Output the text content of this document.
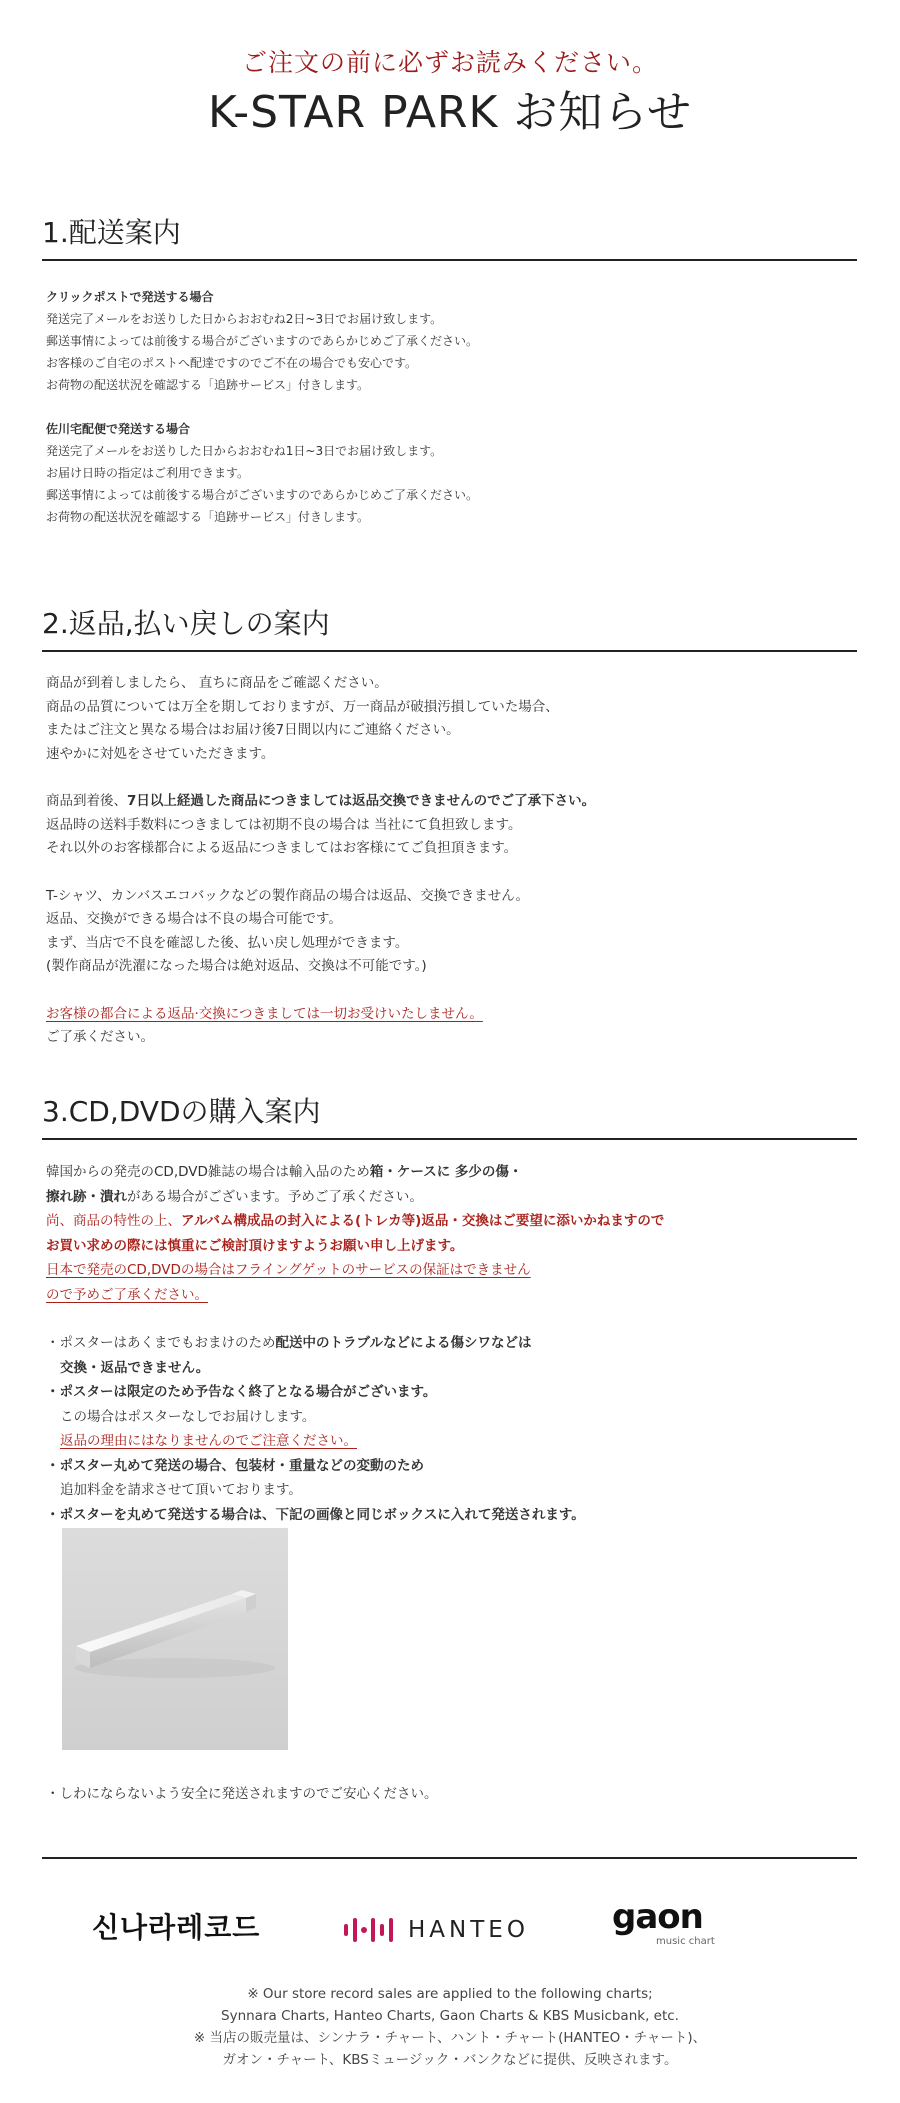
ご注文の前に必ずお読みください。
K-STAR PARK お知らせ
1.配送案内
クリックポストで発送する場合
発送完了メールをお送りした日からおおむね2日~3日でお届け致します。
郵送事情によっては前後する場合がございますのであらかじめご了承ください。
お客様のご自宅のポストへ配達ですのでご不在の場合でも安心です。
お荷物の配送状況を確認する「追跡サービス」付きします。
佐川宅配便で発送する場合
発送完了メールをお送りした日からおおむね1日~3日でお届け致します。
お届け日時の指定はご利用できます。
郵送事情によっては前後する場合がございますのであらかじめご了承ください。
お荷物の配送状況を確認する「追跡サービス」付きします。
2.返品,払い戻しの案内
商品が到着しましたら、 直ちに商品をご確認ください。
商品の品質については万全を期しておりますが、万一商品が破損汚損していた場合、
またはご注文と異なる場合はお届け後7日間以内にご連絡ください。
速やかに対処をさせていただきます。
商品到着後、7日以上経過した商品につきましては返品交換できませんのでご了承下さい。
返品時の送料手数料につきましては初期不良の場合は 当社にて負担致します。
それ以外のお客様都合による返品につきましてはお客様にてご負担頂きます。
T-シャツ、カンバスエコバックなどの製作商品の場合は返品、交換できません。
返品、交換ができる場合は不良の場合可能です。
まず、当店で不良を確認した後、払い戻し処理ができます。
(製作商品が洗濯になった場合は絶対返品、交換は不可能です。)
お客様の都合による返品·交換につきましては一切お受けいたしません。
ご了承ください。
3.CD,DVDの購入案内
韓国からの発売のCD,DVD雑誌の場合は輸入品のため箱・ケースに 多少の傷・
擦れ跡・潰れがある場合がございます。予めご了承ください。
尚、商品の特性の上、アルバム構成品の封入による(トレカ等)返品・交換はご要望に添いかねますので
お買い求めの際には慎重にご検討頂けますようお願い申し上げます。
日本で発売のCD,DVDの場合はフライングゲットのサービスの保証はできません
ので予めご了承ください。
・ポスターはあくまでもおまけのため配送中のトラブルなどによる傷シワなどは
交換・返品できません。
・ポスターは限定のため予告なく終了となる場合がございます。
この場合はポスターなしでお届けします。
返品の理由にはなりませんのでご注意ください。
・ポスター丸めて発送の場合、包装材・重量などの変動のため
追加料金を請求させて頂いております。
・ポスターを丸めて発送する場合は、下記の画像と同じボックスに入れて発送されます。
・しわにならないよう安全に発送されますのでご安心ください。
신나라레코드	HANTEO gaon
music chart
※ Our store record sales are applied to the following charts;
Synnara Charts, Hanteo Charts, Gaon Charts & KBS Musicbank, etc.
※ 当店の販売量は、シンナラ・チャート、ハント・チャート(HANTEO・チャート)、
ガオン・チャート、KBSミュージック・バンクなどに提供、反映されます。
